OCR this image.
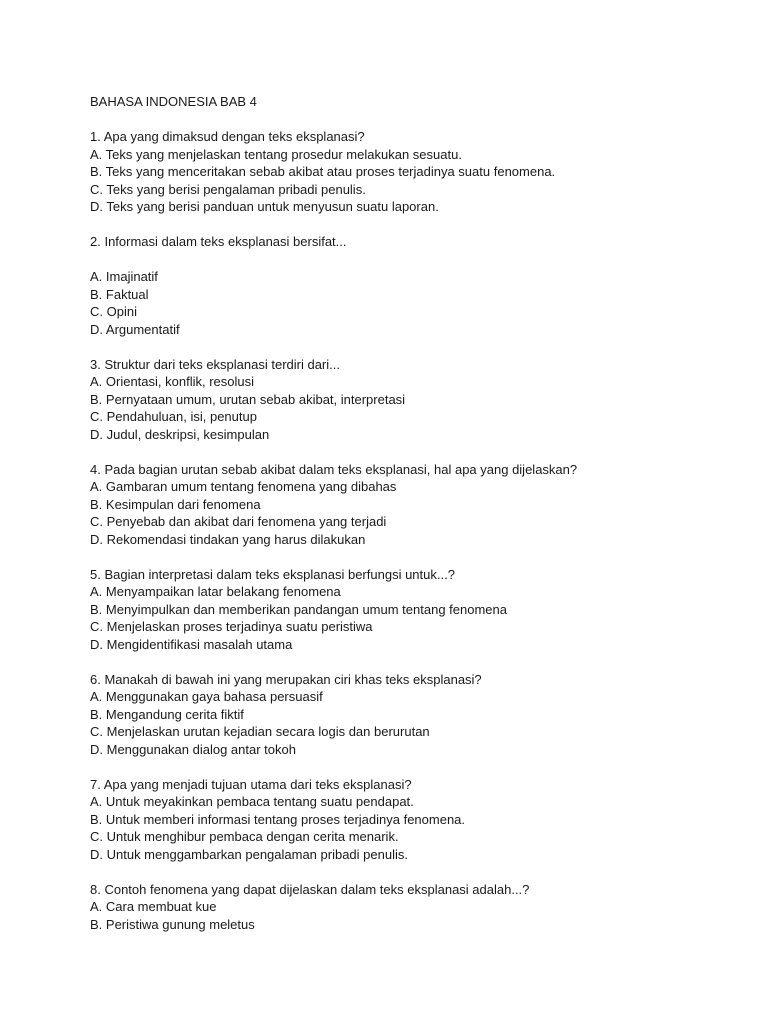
BAHASA INDONESIA BAB 4

1. Apa yang dimaksud dengan teks eksplanasi?

A. Teks yang menjelaskan tentang prosedur melakukan sesuatu.

B. Teks yang menceritakan sebab akibat atau proses terjadinya suatu fenomena.

C. Teks yang berisi pengalaman pribadi penulis.

D. Teks yang berisi panduan untuk menyusun suatu laporan.

2. Informasi dalam teks eksplanasi bersifat...

A. Imajinatif

B. Faktual

C. Opini

D. Argumentatif

3. Struktur dari teks eksplanasi terdiri dari...

A. Orientasi, konflik, resolusi

B. Pernyataan umum, urutan sebab akibat, interpretasi

C. Pendahuluan, isi, penutup

D. Judul, deskripsi, kesimpulan

4. Pada bagian urutan sebab akibat dalam teks eksplanasi, hal apa yang dijelaskan?

A. Gambaran umum tentang fenomena yang dibahas

B. Kesimpulan dari fenomena

C. Penyebab dan akibat dari fenomena yang terjadi

D. Rekomendasi tindakan yang harus dilakukan

5. Bagian interpretasi dalam teks eksplanasi berfungsi untuk...?

A. Menyampaikan latar belakang fenomena

B. Menyimpulkan dan memberikan pandangan umum tentang fenomena

C. Menjelaskan proses terjadinya suatu peristiwa

D. Mengidentifikasi masalah utama

6. Manakah di bawah ini yang merupakan ciri khas teks eksplanasi?

A. Menggunakan gaya bahasa persuasif

B. Mengandung cerita fiktif

C. Menjelaskan urutan kejadian secara logis dan berurutan

D. Menggunakan dialog antar tokoh

7. Apa yang menjadi tujuan utama dari teks eksplanasi?

A. Untuk meyakinkan pembaca tentang suatu pendapat.

B. Untuk memberi informasi tentang proses terjadinya fenomena.

C. Untuk menghibur pembaca dengan cerita menarik.

D. Untuk menggambarkan pengalaman pribadi penulis.

8. Contoh fenomena yang dapat dijelaskan dalam teks eksplanasi adalah...?

A. Cara membuat kue

B. Peristiwa gunung meletus
